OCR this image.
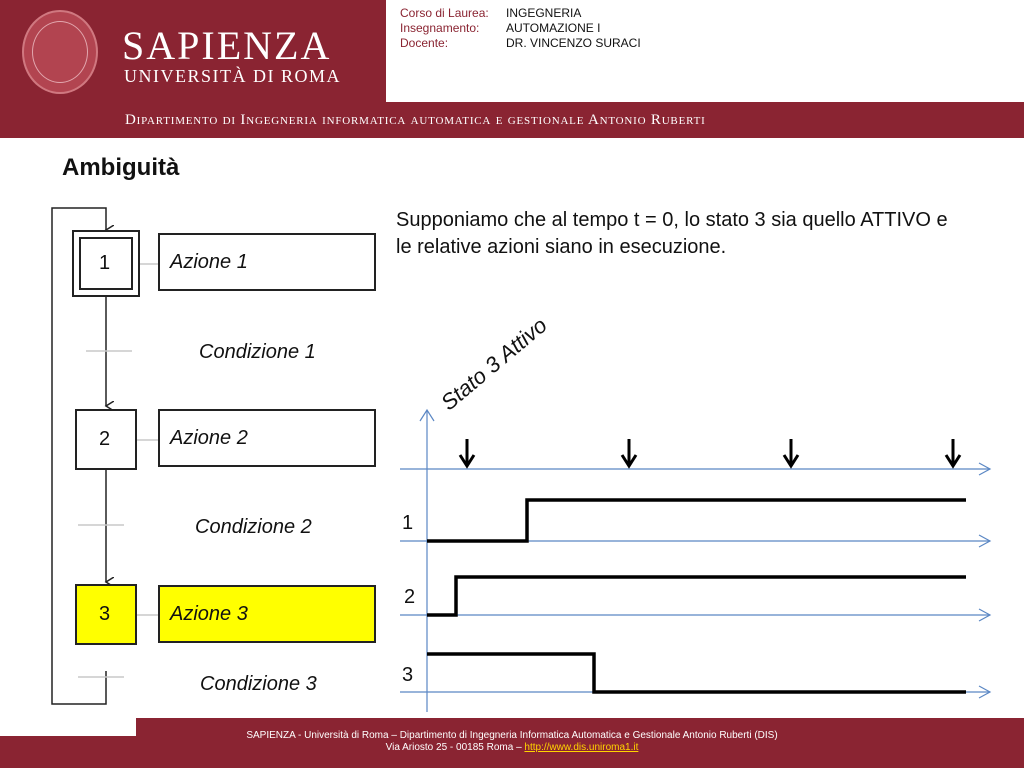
SAPIENZA
UNIVERSITÀ DI ROMA
Corso di Laurea:
Insegnamento:
Docente:
INGEGNERIA
AUTOMAZIONE I
DR. VINCENZO SURACI
Dipartimento di Ingegneria informatica automatica e gestionale Antonio Ruberti
Ambiguità
Supponiamo che al tempo t = 0, lo stato 3 sia quello ATTIVO e le relative azioni siano in esecuzione.
1
2
3
Azione 1
Azione 2
Azione 3
Condizione 1
Condizione 2
Condizione 3
Stato 3 Attivo
1
2
3
SAPIENZA - Università di Roma – Dipartimento di Ingegneria Informatica Automatica e Gestionale Antonio Ruberti (DIS)
Via Ariosto 25 - 00185 Roma – http://www.dis.uniroma1.it
